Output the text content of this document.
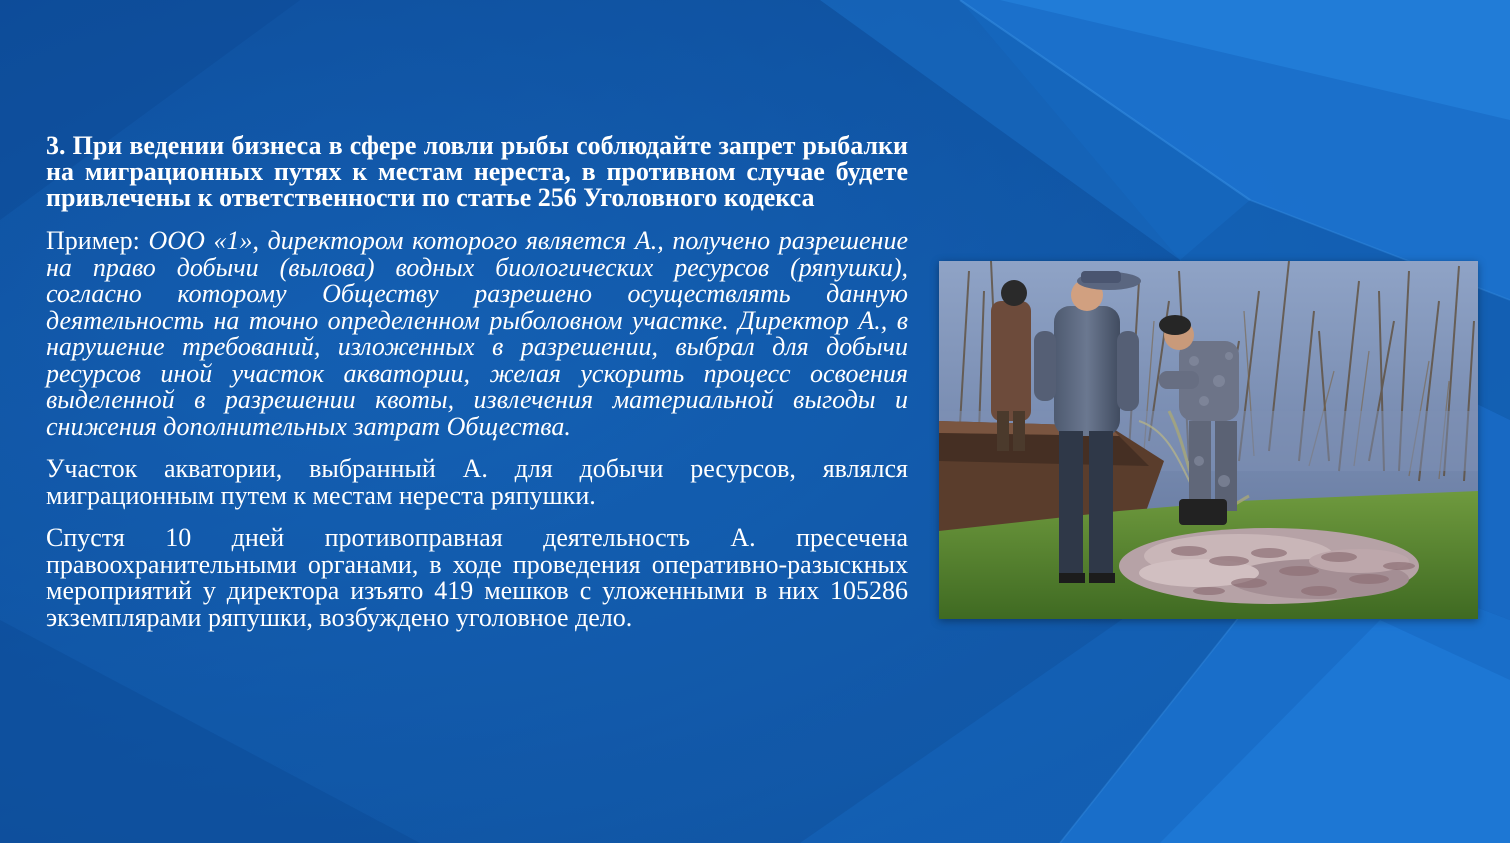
3. При ведении бизнеса в сфере ловли рыбы соблюдайте запрет рыбалки на миграционных путях к местам нереста, в противном случае будете привлечены к ответственности по статье 256 Уголовного кодекса

Пример: ООО «1», директором которого является А., получено разрешение на право добычи (вылова) водных биологических ресурсов (ряпушки), согласно которому Обществу разрешено осуществлять данную деятельность на точно определенном рыболовном участке. Директор А., в нарушение требований, изложенных в разрешении, выбрал для добычи ресурсов иной участок акватории, желая ускорить процесс освоения выделенной в разрешении квоты, извлечения материальной выгоды и снижения дополнительных затрат Общества.

Участок акватории, выбранный А. для добычи ресурсов, являлся миграционным путем к местам нереста ряпушки.

Спустя 10 дней противоправная деятельность А. пресечена правоохранительными органами, в ходе проведения оперативно-разыскных мероприятий у директора изъято 419 мешков с уложенными в них 105286 экземплярами ряпушки, возбуждено уголовное дело.
